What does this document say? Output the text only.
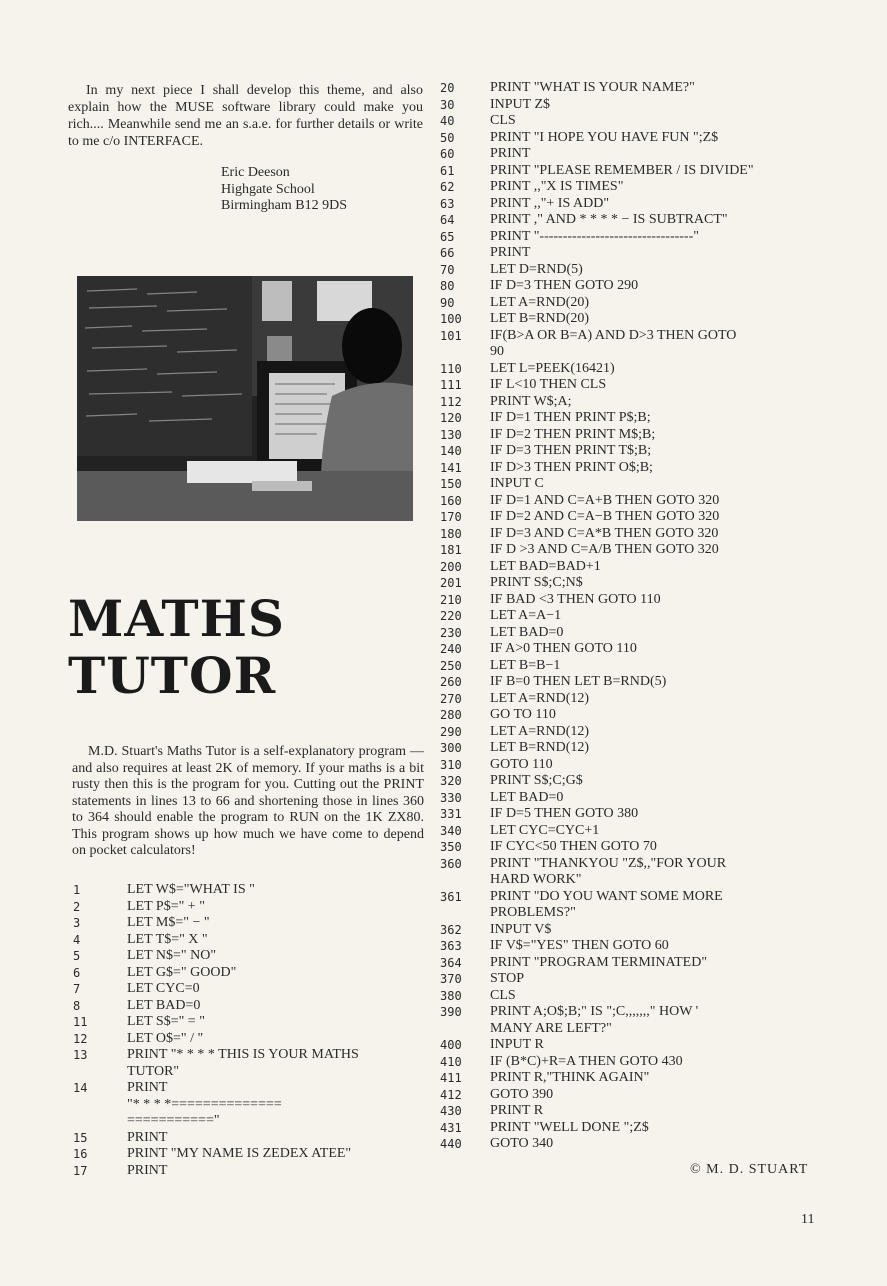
In my next piece I shall develop this theme, and also explain how the MUSE software library could make you rich.... Meanwhile send me an s.a.e. for further details or write to me c/o INTERFACE.

Eric Deeson
Highgate School
Birmingham B12 9DS
MATHS
TUTOR

M.D. Stuart's Maths Tutor is a self-explanatory program — and also requires at least 2K of memory. If your maths is a bit rusty then this is the program for you. Cutting out the PRINT statements in lines 13 to 66 and shortening those in lines 360 to 364 should enable the program to RUN on the 1K ZX80. This program shows up how much we have come to depend on pocket calculators!

1	LET W$="WHAT IS "
2	LET P$=" + "
3	LET M$=" − "
4	LET T$=" X "
5	LET N$=" NO"
6	LET G$=" GOOD"
7	LET CYC=0
8	LET BAD=0
11	LET S$=" = "
12	LET O$=" / "
13	PRINT "* * * * THIS IS YOUR MATHS
TUTOR"
14	PRINT
"* * * *==============
==========="
15	PRINT
16	PRINT "MY NAME IS ZEDEX ATEE"
17	PRINT
20	PRINT "WHAT IS YOUR NAME?"
30	INPUT Z$
40	CLS
50	PRINT "I HOPE YOU HAVE FUN ";Z$
60	PRINT
61	PRINT "PLEASE REMEMBER / IS DIVIDE"
62	PRINT ,,"X IS TIMES"
63	PRINT ,,"+ IS ADD"
64	PRINT ," AND * * * * − IS SUBTRACT"
65	PRINT "---------------------------------"
66	PRINT
70	LET D=RND(5)
80	IF D=3 THEN GOTO 290
90	LET A=RND(20)
100 LET B=RND(20)
101 IF(B>A OR B=A) AND D>3 THEN GOTO
90
110 LET L=PEEK(16421)
111 IF L<10 THEN CLS
112 PRINT W$;A;
120 IF D=1 THEN PRINT P$;B;
130 IF D=2 THEN PRINT M$;B;
140 IF D=3 THEN PRINT T$;B;
141 IF D>3 THEN PRINT O$;B;
150 INPUT C
160 IF D=1 AND C=A+B THEN GOTO 320
170 IF D=2 AND C=A−B THEN GOTO 320
180 IF D=3 AND C=A*B THEN GOTO 320
181 IF D >3 AND C=A/B THEN GOTO 320
200 LET BAD=BAD+1
201 PRINT S$;C;N$
210 IF BAD <3 THEN GOTO 110
220 LET A=A−1
230 LET BAD=0
240 IF A>0 THEN GOTO 110
250 LET B=B−1
260 IF B=0 THEN LET B=RND(5)
270 LET A=RND(12)
280 GO TO 110
290 LET A=RND(12)
300 LET B=RND(12)
310 GOTO 110
320 PRINT S$;C;G$
330 LET BAD=0
331 IF D=5 THEN GOTO 380
340 LET CYC=CYC+1
350 IF CYC<50 THEN GOTO 70
360 PRINT "THANKYOU "Z$,,"FOR YOUR
HARD WORK"
361 PRINT "DO YOU WANT SOME MORE
PROBLEMS?"
362 INPUT V$
363 IF V$="YES" THEN GOTO 60
364 PRINT "PROGRAM TERMINATED"
370 STOP
380 CLS
390 PRINT A;O$;B;" IS ";C,,,,,,," HOW '
MANY ARE LEFT?"
400 INPUT R
410 IF (B*C)+R=A THEN GOTO 430
411 PRINT R,"THINK AGAIN"
412 GOTO 390
430 PRINT R
431 PRINT "WELL DONE ";Z$
440 GOTO 340
© M. D. STUART
11
